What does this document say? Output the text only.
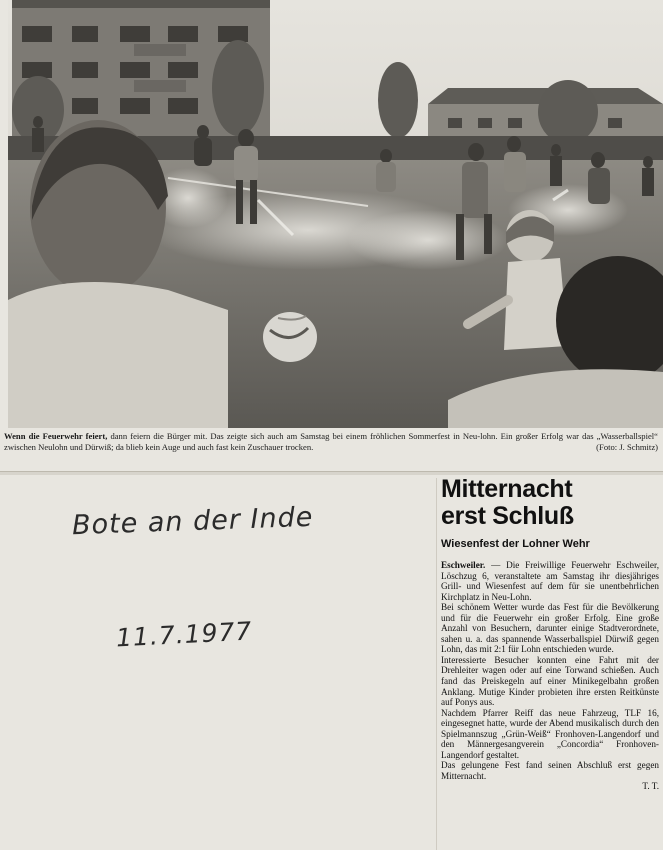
Wenn die Feuerwehr feiert, dann feiern die Bürger mit. Das zeigte sich auch am Samstag bei einem fröhlichen Sommerfest in Neu-lohn. Ein großer Erfolg war das „Wasserballspiel“ zwischen Neulohn und Dürwiß; da blieb kein Auge und auch fast kein Zuschauer trocken.	(Foto: J. Schmitz)
Bote an der Inde
11.7.1977
Mitternacht
erst Schluß
Wiesenfest der Lohner Wehr

Eschweiler. — Die Freiwillige Feuerwehr Eschweiler, Löschzug 6, veranstaltete am Samstag ihr diesjähriges Grill- und Wiesenfest auf dem für sie unentbehrlichen Kirchplatz in Neu-Lohn.

Bei schönem Wetter wurde das Fest für die Bevölkerung und für die Feuerwehr ein großer Erfolg. Eine große Anzahl von Besuchern, darunter einige Stadtverordnete, sahen u. a. das spannende Wasserballspiel Dürwiß gegen Lohn, das mit 2:1 für Lohn entschieden wurde.

Interessierte Besucher konnten eine Fahrt mit der Drehleiter wagen oder auf eine Torwand schießen. Auch fand das Preiskegeln auf einer Minikegelbahn großen Anklang. Mutige Kinder probieten ihre ersten Reitkünste auf Ponys aus.

Nachdem Pfarrer Reiff das neue Fahrzeug, TLF 16, eingesegnet hatte, wurde der Abend musikalisch durch den Spielmannszug „Grün-Weiß“ Fronhoven-Langendorf und den Männergesangverein „Concordia“ Fronhoven-Langendorf gestaltet.

Das gelungene Fest fand seinen Abschluß erst gegen Mitternacht.

T. T.
